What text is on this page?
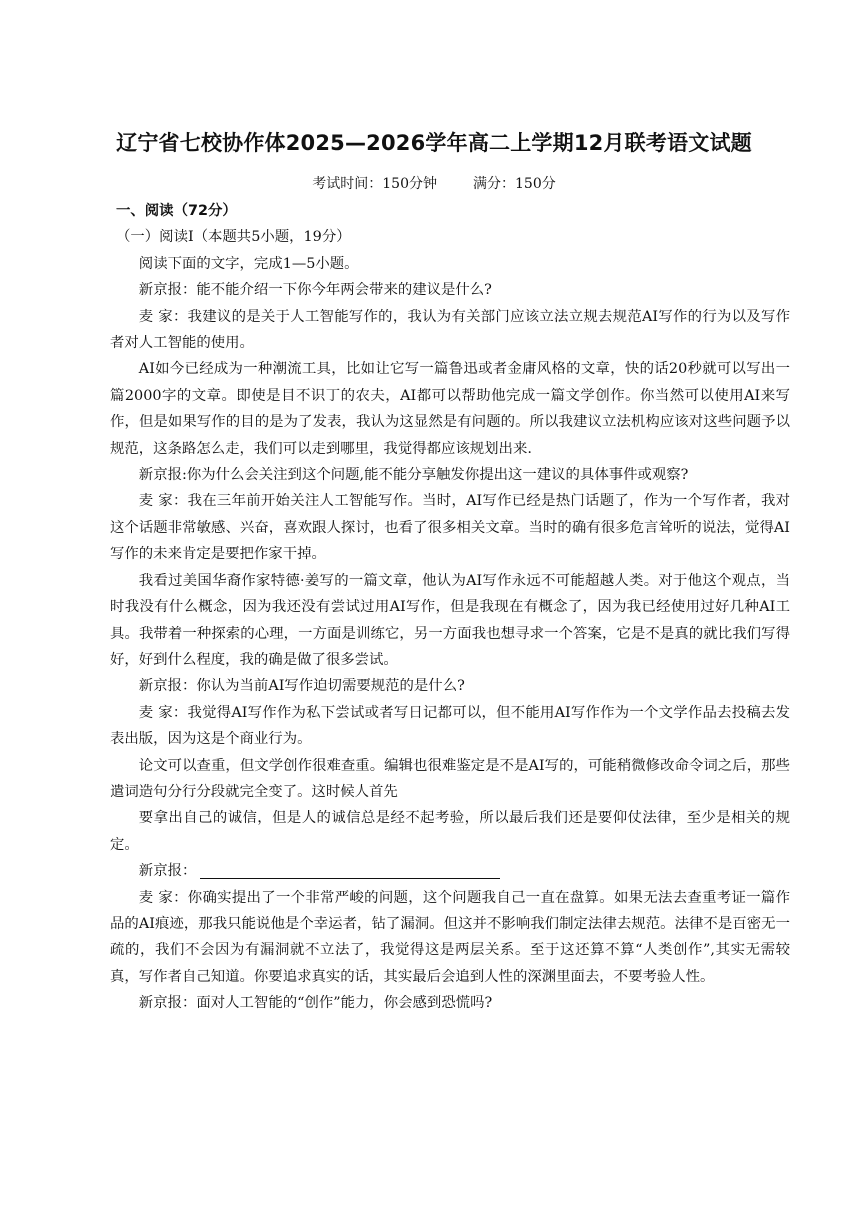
辽宁省七校协作体2025—2026学年高二上学期12月联考语文试题
考试时间：150分钟	满分：150分

一、阅读（72分）

（一）阅读Ⅰ（本题共5小题，19分）

阅读下面的文字，完成1—5小题。

新京报：能不能介绍一下你今年两会带来的建议是什么?

麦 家：我建议的是关于人工智能写作的，我认为有关部门应该立法立规去规范AI写作的行为以及写作者对人工智能的使用。

AI如今已经成为一种潮流工具，比如让它写一篇鲁迅或者金庸风格的文章，快的话20秒就可以写出一篇2000字的文章。即使是目不识丁的农夫，AI都可以帮助他完成一篇文学创作。你当然可以使用AI来写作，但是如果写作的目的是为了发表，我认为这显然是有问题的。所以我建议立法机构应该对这些问题予以规范，这条路怎么走，我们可以走到哪里，我觉得都应该规划出来.

新京报:你为什么会关注到这个问题,能不能分享触发你提出这一建议的具体事件或观察?

麦 家：我在三年前开始关注人工智能写作。当时，AI写作已经是热门话题了，作为一个写作者，我对这个话题非常敏感、兴奋，喜欢跟人探讨，也看了很多相关文章。当时的确有很多危言耸听的说法，觉得AI写作的未来肯定是要把作家干掉。

我看过美国华裔作家特德·姜写的一篇文章，他认为AI写作永远不可能超越人类。对于他这个观点，当时我没有什么概念，因为我还没有尝试过用AI写作，但是我现在有概念了，因为我已经使用过好几种AI工具。我带着一种探索的心理，一方面是训练它，另一方面我也想寻求一个答案，它是不是真的就比我们写得好，好到什么程度，我的确是做了很多尝试。

新京报：你认为当前AI写作迫切需要规范的是什么?

麦 家：我觉得AI写作作为私下尝试或者写日记都可以，但不能用AI写作作为一个文学作品去投稿去发表出版，因为这是个商业行为。

论文可以查重，但文学创作很难查重。编辑也很难鉴定是不是AI写的，可能稍微修改命令词之后，那些遣词造句分行分段就完全变了。这时候人首先

要拿出自己的诚信，但是人的诚信总是经不起考验，所以最后我们还是要仰仗法律，至少是相关的规定。

新京报：

麦 家：你确实提出了一个非常严峻的问题，这个问题我自己一直在盘算。如果无法去查重考证一篇作品的AI痕迹，那我只能说他是个幸运者，钻了漏洞。但这并不影响我们制定法律去规范。法律不是百密无一疏的，我们不会因为有漏洞就不立法了，我觉得这是两层关系。至于这还算不算“人类创作”,其实无需较真，写作者自己知道。你要追求真实的话，其实最后会追到人性的深渊里面去，不要考验人性。

新京报：面对人工智能的“创作”能力，你会感到恐慌吗?
